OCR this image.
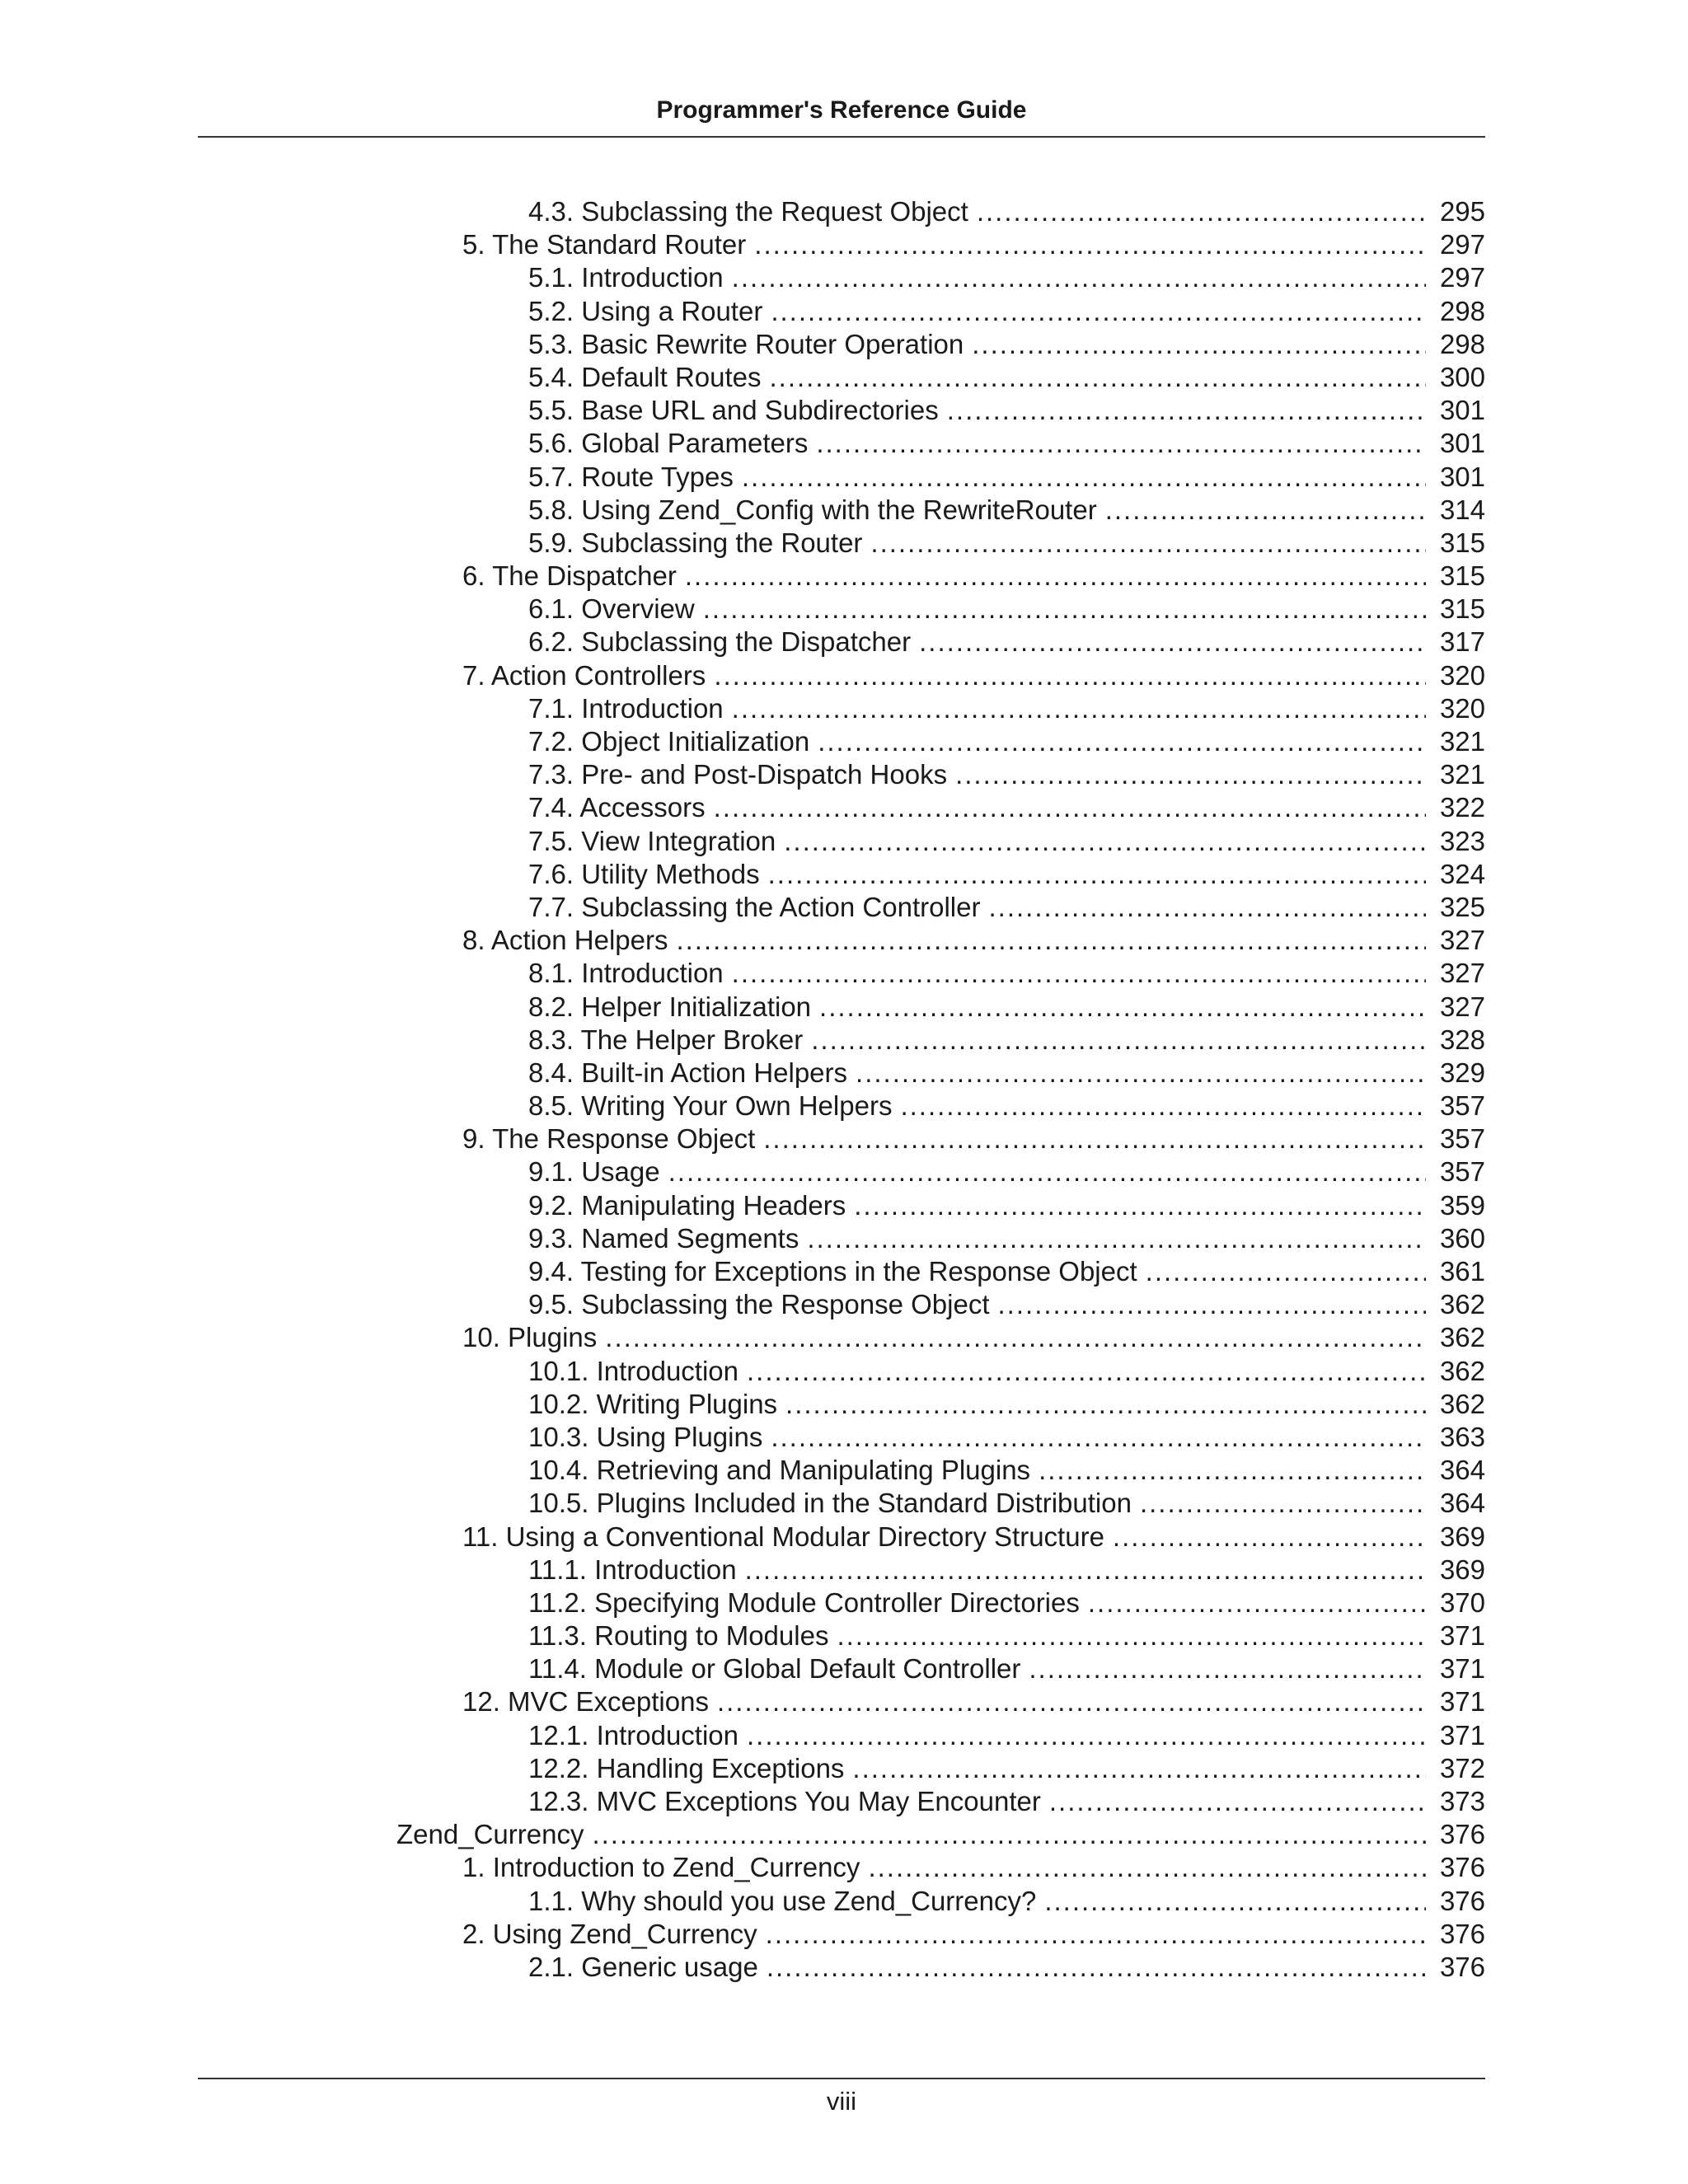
Programmer's Reference Guide
4.3. Subclassing the Request Object .....	295
5. The Standard Router .....	297
5.1. Introduction .....	297
5.2. Using a Router .....	298
5.3. Basic Rewrite Router Operation .....	298
5.4. Default Routes .....	300
5.5. Base URL and Subdirectories .....	301
5.6. Global Parameters .....	301
5.7. Route Types .....	301
5.8. Using Zend_Config with the RewriteRouter .....	314
5.9. Subclassing the Router .....	315
6. The Dispatcher .....	315
6.1. Overview .....	315
6.2. Subclassing the Dispatcher .....	317
7. Action Controllers .....	320
7.1. Introduction .....	320
7.2. Object Initialization .....	321
7.3. Pre- and Post-Dispatch Hooks .....	321
7.4. Accessors .....	322
7.5. View Integration .....	323
7.6. Utility Methods .....	324
7.7. Subclassing the Action Controller .....	325
8. Action Helpers .....	327
8.1. Introduction .....	327
8.2. Helper Initialization .....	327
8.3. The Helper Broker .....	328
8.4. Built-in Action Helpers .....	329
8.5. Writing Your Own Helpers .....	357
9. The Response Object .....	357
9.1. Usage .....	357
9.2. Manipulating Headers .....	359
9.3. Named Segments .....	360
9.4. Testing for Exceptions in the Response Object .....	361
9.5. Subclassing the Response Object .....	362
10. Plugins .....	362
10.1. Introduction .....	362
10.2. Writing Plugins .....	362
10.3. Using Plugins .....	363
10.4. Retrieving and Manipulating Plugins .....	364
10.5. Plugins Included in the Standard Distribution .....	364
11. Using a Conventional Modular Directory Structure .....	369
11.1. Introduction .....	369
11.2. Specifying Module Controller Directories .....	370
11.3. Routing to Modules .....	371
11.4. Module or Global Default Controller .....	371
12. MVC Exceptions .....	371
12.1. Introduction .....	371
12.2. Handling Exceptions .....	372
12.3. MVC Exceptions You May Encounter .....	373
Zend_Currency .....	376
1. Introduction to Zend_Currency .....	376
1.1. Why should you use Zend_Currency? .....	376
2. Using Zend_Currency .....	376
2.1. Generic usage .....	376
viii
